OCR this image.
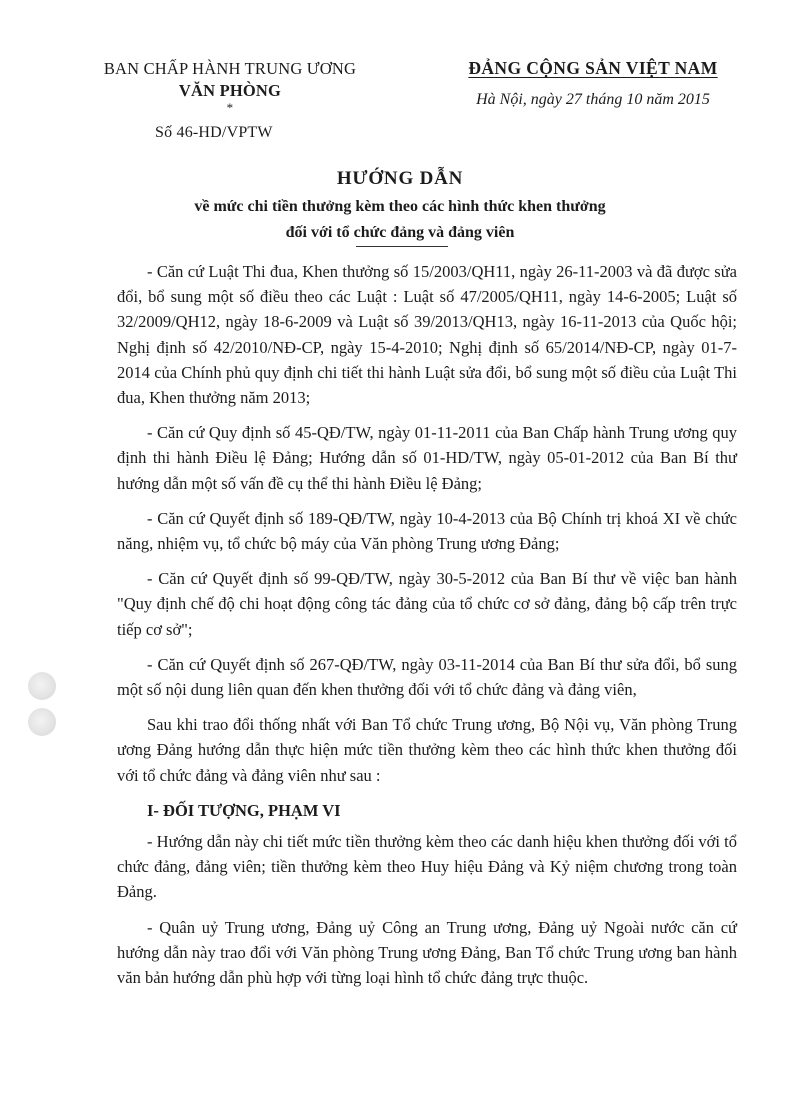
BAN CHẤP HÀNH TRUNG ƯƠNG
VĂN PHÒNG
*
Số 46-HD/VPTW
ĐẢNG CỘNG SẢN VIỆT NAM
Hà Nội, ngày 27 tháng 10 năm 2015
HƯỚNG DẪN
về mức chi tiền thưởng kèm theo các hình thức khen thưởng
đối với tổ chức đảng và đảng viên

- Căn cứ Luật Thi đua, Khen thưởng số 15/2003/QH11, ngày 26-11-2003 và đã được sửa đổi, bổ sung một số điều theo các Luật : Luật số 47/2005/QH11, ngày 14-6-2005; Luật số 32/2009/QH12, ngày 18-6-2009 và Luật số 39/2013/QH13, ngày 16-11-2013 của Quốc hội; Nghị định số 42/2010/NĐ-CP, ngày 15-4-2010; Nghị định số 65/2014/NĐ-CP, ngày 01-7-2014 của Chính phủ quy định chi tiết thi hành Luật sửa đổi, bổ sung một số điều của Luật Thi đua, Khen thưởng năm 2013;

- Căn cứ Quy định số 45-QĐ/TW, ngày 01-11-2011 của Ban Chấp hành Trung ương quy định thi hành Điều lệ Đảng; Hướng dẫn số 01-HD/TW, ngày 05-01-2012 của Ban Bí thư hướng dẫn một số vấn đề cụ thể thi hành Điều lệ Đảng;

- Căn cứ Quyết định số 189-QĐ/TW, ngày 10-4-2013 của Bộ Chính trị khoá XI về chức năng, nhiệm vụ, tổ chức bộ máy của Văn phòng Trung ương Đảng;

- Căn cứ Quyết định số 99-QĐ/TW, ngày 30-5-2012 của Ban Bí thư về việc ban hành "Quy định chế độ chi hoạt động công tác đảng của tổ chức cơ sở đảng, đảng bộ cấp trên trực tiếp cơ sở";

- Căn cứ Quyết định số 267-QĐ/TW, ngày 03-11-2014 của Ban Bí thư sửa đổi, bổ sung một số nội dung liên quan đến khen thưởng đối với tổ chức đảng và đảng viên,

Sau khi trao đổi thống nhất với Ban Tổ chức Trung ương, Bộ Nội vụ, Văn phòng Trung ương Đảng hướng dẫn thực hiện mức tiền thưởng kèm theo các hình thức khen thưởng đối với tổ chức đảng và đảng viên như sau :

I- ĐỐI TƯỢNG, PHẠM VI

- Hướng dẫn này chi tiết mức tiền thưởng kèm theo các danh hiệu khen thưởng đối với tổ chức đảng, đảng viên; tiền thưởng kèm theo Huy hiệu Đảng và Kỷ niệm chương trong toàn Đảng.

- Quân uỷ Trung ương, Đảng uỷ Công an Trung ương, Đảng uỷ Ngoài nước căn cứ hướng dẫn này trao đổi với Văn phòng Trung ương Đảng, Ban Tổ chức Trung ương ban hành văn bản hướng dẫn phù hợp với từng loại hình tổ chức đảng trực thuộc.
